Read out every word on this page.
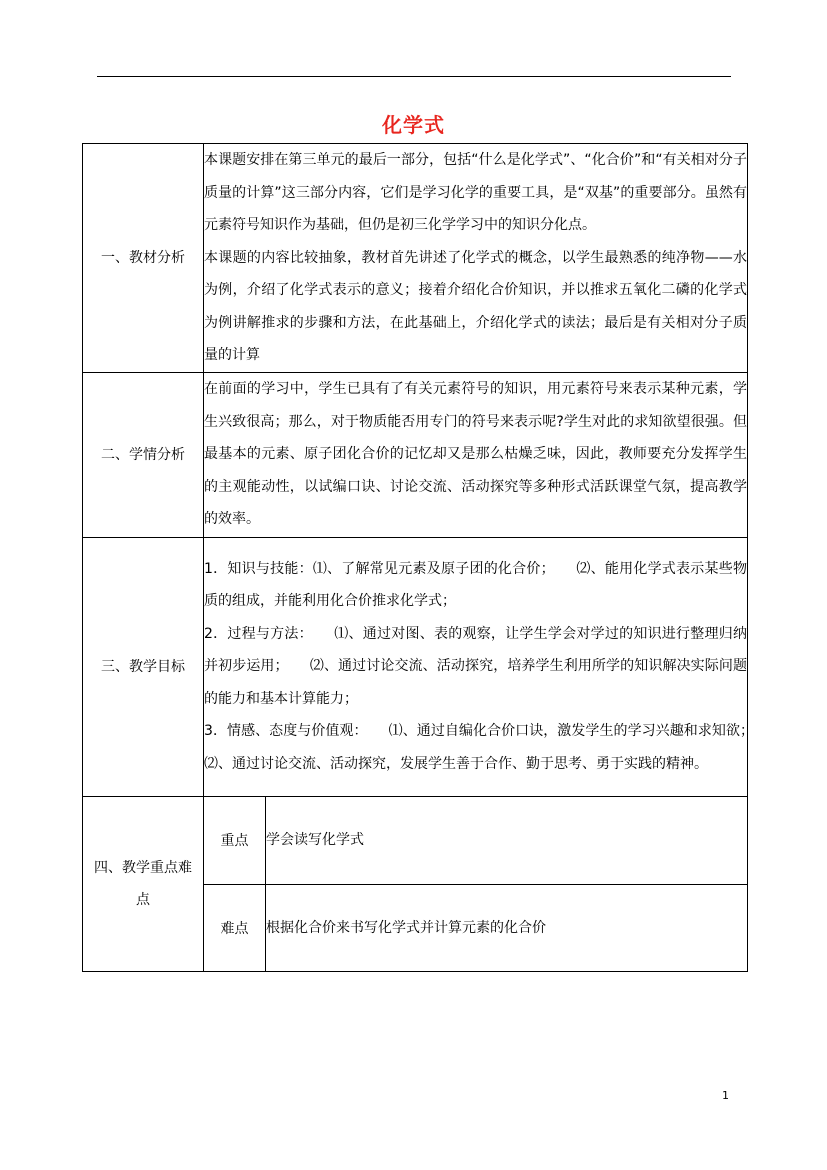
化学式
一、教材分析	本课题安排在第三单元的最后一部分，包括“什么是化学式”、“化合价”和“有关相对分子质量的计算”这三部分内容，它们是学习化学的重要工具，是“双基”的重要部分。虽然有元素符号知识作为基础，但仍是初三化学学习中的知识分化点。

本课题的内容比较抽象，教材首先讲述了化学式的概念，以学生最熟悉的纯净物——水为例，介绍了化学式表示的意义；接着介绍化合价知识，并以推求五氧化二磷的化学式为例讲解推求的步骤和方法，在此基础上，介绍化学式的读法；最后是有关相对分子质量的计算	

二、学情分析	在前面的学习中，学生已具有了有关元素符号的知识，用元素符号来表示某种元素，学生兴致很高；那么，对于物质能否用专门的符号来表示呢?学生对此的求知欲望很强。但最基本的元素、原子团化合价的记忆却又是那么枯燥乏味，因此，教师要充分发挥学生的主观能动性，以试编口诀、讨论交流、活动探究等多种形式活跃课堂气氛，提高教学的效率。	

三、教学目标	1．知识与技能：⑴、了解常见元素及原子团的化合价；　　⑵、能用化学式表示某些物质的组成，并能利用化合价推求化学式；

2．过程与方法：　　⑴、通过对图、表的观察，让学生学会对学过的知识进行整理归纳并初步运用；　　⑵、通过讨论交流、活动探究，培养学生利用所学的知识解决实际问题的能力和基本计算能力；

3．情感、态度与价值观：　　⑴、通过自编化合价口诀，激发学生的学习兴趣和求知欲；　　⑵、通过讨论交流、活动探究，发展学生善于合作、勤于思考、勇于实践的精神。	

四、教学重点难点	重点	学会读写化学式
	难点	根据化合价来书写化学式并计算元素的化合价
1
